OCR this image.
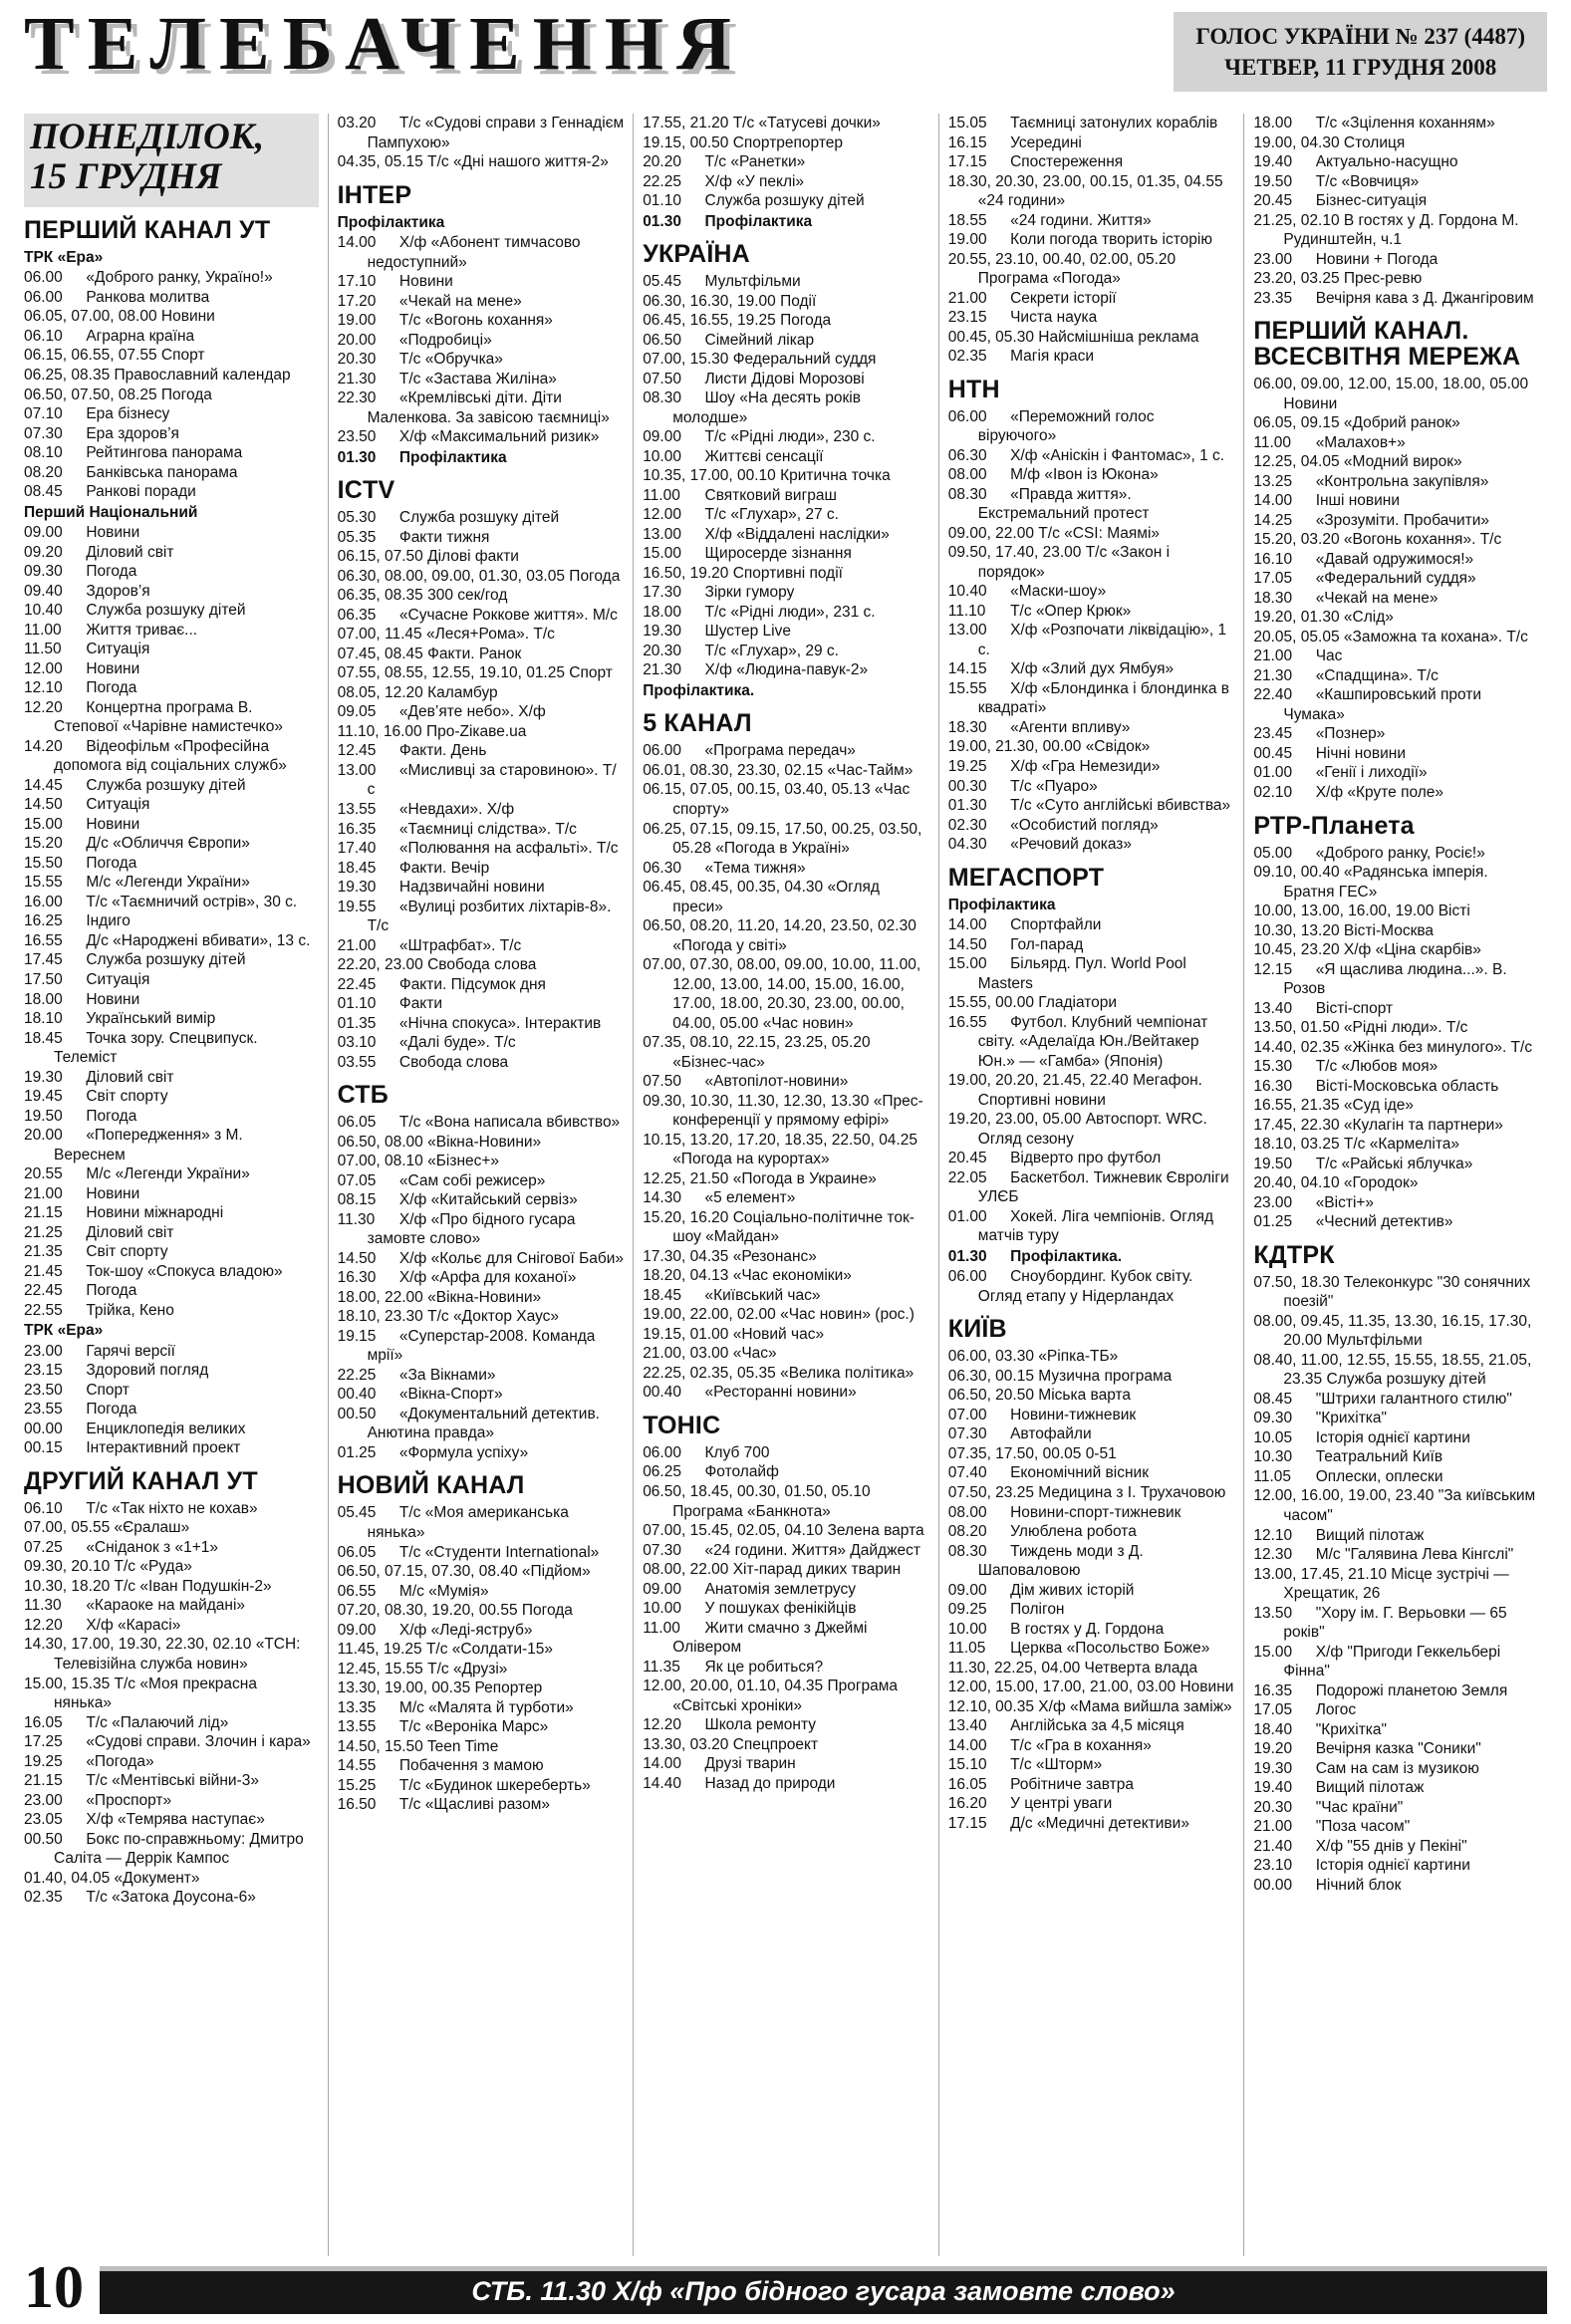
ТЕЛЕБАЧЕННЯ	ГОЛОС УКРАЇНИ № 237 (4487)
ЧЕТВЕР, 11 ГРУДНЯ 2008
ПОНЕДІЛОК,
15 ГРУДНЯ
ПЕРШИЙ КАНАЛ УТ
ТРК «Ера»
06.00 «Доброго ранку, Україно!»
06.00 Ранкова молитва
06.05, 07.00, 08.00 Новини
06.10 Аграрна країна
06.15, 06.55, 07.55 Спорт
06.25, 08.35 Православний календар
06.50, 07.50, 08.25 Погода
07.10 Ера бізнесу
07.30 Ера здоров’я
08.10 Рейтингова панорама
08.20 Банківська панорама
08.45 Ранкові поради
Перший Національний
09.00 Новини
09.20 Діловий світ
09.30 Погода
09.40 Здоров’я
10.40 Служба розшуку дітей
11.00 Життя триває...
11.50 Ситуація
12.00 Новини
12.10 Погода
12.20 Концертна програма В. Степової «Чарівне намистечко»
14.20 Відеофільм «Професійна допомога від соціальних служб»
14.45 Служба розшуку дітей
14.50 Ситуація
15.00 Новини
15.20 Д/с «Обличчя Європи»
15.50 Погода
15.55 М/с «Легенди України»
16.00 Т/с «Таємничий острів», 30 с.
16.25 Індиго
16.55 Д/с «Народжені вбивати», 13 с.
17.45 Служба розшуку дітей
17.50 Ситуація
18.00 Новини
18.10 Український вимір
18.45 Точка зору. Спецвипуск. Телеміст
19.30 Діловий світ
19.45 Світ спорту
19.50 Погода
20.00 «Попередження» з М. Вереснем
20.55 М/с «Легенди України»
21.00 Новини
21.15 Новини міжнародні
21.25 Діловий світ
21.35 Світ спорту
21.45 Ток-шоу «Спокуса владою»
22.45 Погода
22.55 Трійка, Кено
ТРК «Ера»
23.00 Гарячі версії
23.15 Здоровий погляд
23.50 Спорт
23.55 Погода
00.00 Енциклопедія великих
00.15 Інтерактивний проект
ДРУГИЙ КАНАЛ УТ
06.10 Т/с «Так ніхто не кохав»
07.00, 05.55 «Єралаш»
07.25 «Сніданок з «1+1»
09.30, 20.10 Т/с «Руда»
10.30, 18.20 Т/с «Іван Подушкін-2»
11.30 «Караоке на майдані»
12.20 Х/ф «Карасі»
14.30, 17.00, 19.30, 22.30, 02.10 «ТСН: Телевізійна служба новин»
15.00, 15.35 Т/с «Моя прекрасна нянька»
16.05 Т/с «Палаючий лід»
17.25 «Судові справи. Злочин і кара»
19.25 «Погода»
21.15 Т/с «Ментівські війни-3»
23.00 «Проспорт»
23.05 Х/ф «Темрява наступає»
00.50 Бокс по-справжньому: Дмитро Саліта — Деррік Кампос
01.40, 04.05 «Документ»
02.35 Т/с «Затока Доусона-6»
03.20 Т/с «Судові справи з Геннадієм Пампухою»
04.35, 05.15 Т/с «Дні нашого життя-2»
ІНТЕР
Профілактика
14.00 Х/ф «Абонент тимчасово недоступний»
17.10 Новини
17.20 «Чекай на мене»
19.00 Т/с «Вогонь кохання»
20.00 «Подробиці»
20.30 Т/с «Обручка»
21.30 Т/с «Застава Жиліна»
22.30 «Кремлівські діти. Діти Маленкова. За завісою таємниці»
23.50 Х/ф «Максимальний ризик»
01.30 Профілактика
ICTV
05.30 Служба розшуку дітей
05.35 Факти тижня
06.15, 07.50 Ділові факти
06.30, 08.00, 09.00, 01.30, 03.05 Погода
06.35, 08.35 300 сек/год
06.35 «Сучасне Роккове життя». М/с
07.00, 11.45 «Леся+Рома». Т/с
07.45, 08.45 Факти. Ранок
07.55, 08.55, 12.55, 19.10, 01.25 Спорт
08.05, 12.20 Каламбур
09.05 «Дев’яте небо». Х/ф
11.10, 16.00 Про-Zікаве.ua
12.45 Факти. День
13.00 «Мисливці за старовиною». Т/с
13.55 «Невдахи». Х/ф
16.35 «Таємниці слідства». Т/с
17.40 «Полювання на асфальті». Т/с
18.45 Факти. Вечір
19.30 Надзвичайні новини
19.55 «Вулиці розбитих ліхтарів-8». Т/с
21.00 «Штрафбат». Т/с
22.20, 23.00 Свобода слова
22.45 Факти. Підсумок дня
01.10 Факти
01.35 «Нічна спокуса». Інтерактив
03.10 «Далі буде». Т/с
03.55 Свобода слова
СТБ
06.05 Т/с «Вона написала вбивство»
06.50, 08.00 «Вікна-Новини»
07.00, 08.10 «Бізнес+»
07.05 «Сам собі режисер»
08.15 Х/ф «Китайський сервіз»
11.30 Х/ф «Про бідного гусара замовте слово»
14.50 Х/ф «Кольє для Снігової Баби»
16.30 Х/ф «Арфа для коханої»
18.00, 22.00 «Вікна-Новини»
18.10, 23.30 Т/с «Доктор Хаус»
19.15 «Суперстар-2008. Команда мрії»
22.25 «За Вікнами»
00.40 «Вікна-Спорт»
00.50 «Документальний детектив. Анютина правда»
01.25 «Формула успіху»
НОВИЙ КАНАЛ
05.45 Т/с «Моя американська нянька»
06.05 Т/с «Студенти International»
06.50, 07.15, 07.30, 08.40 «Підйом»
06.55 М/с «Мумія»
07.20, 08.30, 19.20, 00.55 Погода
09.00 Х/ф «Леді-яструб»
11.45, 19.25 Т/с «Солдати-15»
12.45, 15.55 Т/с «Друзі»
13.30, 19.00, 00.35 Репортер
13.35 М/с «Малята й турботи»
13.55 Т/с «Вероніка Марс»
14.50, 15.50 Teen Time
14.55 Побачення з мамою
15.25 Т/с «Будинок шкереберть»
16.50 Т/с «Щасливі разом»
17.55, 21.20 Т/с «Татусеві дочки»
19.15, 00.50 Спортрепортер
20.20 Т/с «Ранетки»
22.25 Х/ф «У пеклі»
01.10 Служба розшуку дітей
01.30 Профілактика
УКРАЇНА
05.45 Мультфільми
06.30, 16.30, 19.00 Події
06.45, 16.55, 19.25 Погода
06.50 Сімейний лікар
07.00, 15.30 Федеральний суддя
07.50 Листи Дідові Морозові
08.30 Шоу «На десять років молодше»
09.00 Т/с «Рідні люди», 230 с.
10.00 Життєві сенсації
10.35, 17.00, 00.10 Критична точка
11.00 Святковий виграш
12.00 Т/с «Глухар», 27 с.
13.00 Х/ф «Віддалені наслідки»
15.00 Щиросерде зізнання
16.50, 19.20 Спортивні події
17.30 Зірки гумору
18.00 Т/с «Рідні люди», 231 с.
19.30 Шустер Live
20.30 Т/с «Глухар», 29 с.
21.30 Х/ф «Людина-павук-2»
Профілактика.
5 КАНАЛ
06.00 «Програма передач»
06.01, 08.30, 23.30, 02.15 «Час-Тайм»
06.15, 07.05, 00.15, 03.40, 05.13 «Час спорту»
06.25, 07.15, 09.15, 17.50, 00.25, 03.50, 05.28 «Погода в Україні»
06.30 «Тема тижня»
06.45, 08.45, 00.35, 04.30 «Огляд преси»
06.50, 08.20, 11.20, 14.20, 23.50, 02.30 «Погода у світі»
07.00, 07.30, 08.00, 09.00, 10.00, 11.00, 12.00, 13.00, 14.00, 15.00, 16.00, 17.00, 18.00, 20.30, 23.00, 00.00, 04.00, 05.00 «Час новин»
07.35, 08.10, 22.15, 23.25, 05.20 «Бізнес-час»
07.50 «Автопілот-новини»
09.30, 10.30, 11.30, 12.30, 13.30 «Прес-конференції у прямому ефірі»
10.15, 13.20, 17.20, 18.35, 22.50, 04.25 «Погода на курортах»
12.25, 21.50 «Погода в Украине»
14.30 «5 елемент»
15.20, 16.20 Соціально-політичне ток-шоу «Майдан»
17.30, 04.35 «Резонанс»
18.20, 04.13 «Час економіки»
18.45 «Київський час»
19.00, 22.00, 02.00 «Час новин» (рос.)
19.15, 01.00 «Новий час»
21.00, 03.00 «Час»
22.25, 02.35, 05.35 «Велика політика»
00.40 «Ресторанні новини»
ТОНІС
06.00 Клуб 700
06.25 Фотолайф
06.50, 18.45, 00.30, 01.50, 05.10 Програма «Банкнота»
07.00, 15.45, 02.05, 04.10 Зелена варта
07.30 «24 години. Життя» Дайджест
08.00, 22.00 Хіт-парад диких тварин
09.00 Анатомія землетрусу
10.00 У пошуках фенікійців
11.00 Жити смачно з Джеймі Олівером
11.35 Як це робиться?
12.00, 20.00, 01.10, 04.35 Програма «Світські хроніки»
12.20 Школа ремонту
13.30, 03.20 Спецпроект
14.00 Друзі тварин
14.40 Назад до природи
15.05 Таємниці затонулих кораблів
16.15 Усередині
17.15 Спостереження
18.30, 20.30, 23.00, 00.15, 01.35, 04.55 «24 години»
18.55 «24 години. Життя»
19.00 Коли погода творить історію
20.55, 23.10, 00.40, 02.00, 05.20 Програма «Погода»
21.00 Секрети історії
23.15 Чиста наука
00.45, 05.30 Найсмішніша реклама
02.35 Магія краси
НТН
06.00 «Переможний голос віруючого»
06.30 Х/ф «Аніскін і Фантомас», 1 с.
08.00 М/ф «Івон із Юкона»
08.30 «Правда життя». Екстремальний протест
09.00, 22.00 Т/с «CSI: Маямі»
09.50, 17.40, 23.00 Т/с «Закон і порядок»
10.40 «Маски-шоу»
11.10 Т/с «Опер Крюк»
13.00 Х/ф «Розпочати ліквідацію», 1 с.
14.15 Х/ф «Злий дух Ямбуя»
15.55 Х/ф «Блондинка і блондинка в квадраті»
18.30 «Агенти впливу»
19.00, 21.30, 00.00 «Свідок»
19.25 Х/ф «Гра Немезиди»
00.30 Т/с «Пуаро»
01.30 Т/с «Суто англійські вбивства»
02.30 «Особистий погляд»
04.30 «Речовий доказ»
МЕГАСПОРТ
Профілактика
14.00 Спортфайли
14.50 Гол-парад
15.00 Більярд. Пул. World Pool Masters
15.55, 00.00 Гладіатори
16.55 Футбол. Клубний чемпіонат світу. «Аделаїда Юн./Вейтакер Юн.» — «Гамба» (Японія)
19.00, 20.20, 21.45, 22.40 Мегафон. Спортивні новини
19.20, 23.00, 05.00 Автоспорт. WRC. Огляд сезону
20.45 Відверто про футбол
22.05 Баскетбол. Тижневик Євроліги УЛЄБ
01.00 Хокей. Ліга чемпіонів. Огляд матчів туру
01.30 Профілактика.
06.00 Сноубординг. Кубок світу. Огляд етапу у Нідерландах
КИЇВ
06.00, 03.30 «Ріпка-ТБ»
06.30, 00.15 Музична програма
06.50, 20.50 Міська варта
07.00 Новини-тижневик
07.30 Автофайли
07.35, 17.50, 00.05 0-51
07.40 Економічний вісник
07.50, 23.25 Медицина з І. Трухачовою
08.00 Новини-спорт-тижневик
08.20 Улюблена робота
08.30 Тиждень моди з Д. Шаповаловою
09.00 Дім живих історій
09.25 Полігон
10.00 В гостях у Д. Гордона
11.05 Церква «Посольство Боже»
11.30, 22.25, 04.00 Четверта влада
12.00, 15.00, 17.00, 21.00, 03.00 Новини
12.10, 00.35 Х/ф «Мама вийшла заміж»
13.40 Англійська за 4,5 місяця
14.00 Т/с «Гра в кохання»
15.10 Т/с «Шторм»
16.05 Робітниче завтра
16.20 У центрі уваги
17.15 Д/с «Медичні детективи»
18.00 Т/с «Зцілення коханням»
19.00, 04.30 Столиця
19.40 Актуально-насущно
19.50 Т/с «Вовчиця»
20.45 Бізнес-ситуація
21.25, 02.10 В гостях у Д. Гордона М. Рудинштейн, ч.1
23.00 Новини + Погода
23.20, 03.25 Прес-ревю
23.35 Вечірня кава з Д. Джангіровим
ПЕРШИЙ КАНАЛ. ВСЕСВІТНЯ МЕРЕЖА
06.00, 09.00, 12.00, 15.00, 18.00, 05.00 Новини
06.05, 09.15 «Добрий ранок»
11.00 «Малахов+»
12.25, 04.05 «Модний вирок»
13.25 «Контрольна закупівля»
14.00 Інші новини
14.25 «Зрозуміти. Пробачити»
15.20, 03.20 «Вогонь кохання». Т/с
16.10 «Давай одружимося!»
17.05 «Федеральний суддя»
18.30 «Чекай на мене»
19.20, 01.30 «Слід»
20.05, 05.05 «Заможна та кохана». Т/с
21.00 Час
21.30 «Спадщина». Т/с
22.40 «Кашпировський проти Чумака»
23.45 «Познер»
00.45 Нічні новини
01.00 «Генії і лиходії»
02.10 Х/ф «Круте поле»
РТР-Планета
05.00 «Доброго ранку, Росіє!»
09.10, 00.40 «Радянська імперія. Братня ГЕС»
10.00, 13.00, 16.00, 19.00 Вісті
10.30, 13.20 Вісті-Москва
10.45, 23.20 Х/ф «Ціна скарбів»
12.15 «Я щаслива людина...». В. Розов
13.40 Вісті-спорт
13.50, 01.50 «Рідні люди». Т/с
14.40, 02.35 «Жінка без минулого». Т/с
15.30 Т/с «Любов моя»
16.30 Вісті-Московська область
16.55, 21.35 «Суд іде»
17.45, 22.30 «Кулагін та партнери»
18.10, 03.25 Т/с «Кармеліта»
19.50 Т/с «Райські яблучка»
20.40, 04.10 «Городок»
23.00 «Вісті+»
01.25 «Чесний детектив»
КДТРК
07.50, 18.30 Телеконкурс "30 сонячних поезій"
08.00, 09.45, 11.35, 13.30, 16.15, 17.30, 20.00 Мультфільми
08.40, 11.00, 12.55, 15.55, 18.55, 21.05, 23.35 Служба розшуку дітей
08.45 "Штрихи галантного стилю"
09.30 "Крихітка"
10.05 Історія однієї картини
10.30 Театральний Київ
11.05 Оплески, оплески
12.00, 16.00, 19.00, 23.40 "За київським часом"
12.10 Вищий пілотаж
12.30 М/с "Галявина Лева Кінгслі"
13.00, 17.45, 21.10 Місце зустрічі — Хрещатик, 26
13.50 "Хору ім. Г. Верьовки — 65 років"
15.00 Х/ф "Пригоди Геккельбері Фінна"
16.35 Подорожі планетою Земля
17.05 Логос
18.40 "Крихітка"
19.20 Вечірня казка "Соники"
19.30 Сам на сам із музикою
19.40 Вищий пілотаж
20.30 "Час країни"
21.00 "Поза часом"
21.40 Х/ф "55 днів у Пекіні"
23.10 Історія однієї картини
00.00 Нічний блок
10	СТБ. 11.30 Х/ф «Про бідного гусара замовте слово»
